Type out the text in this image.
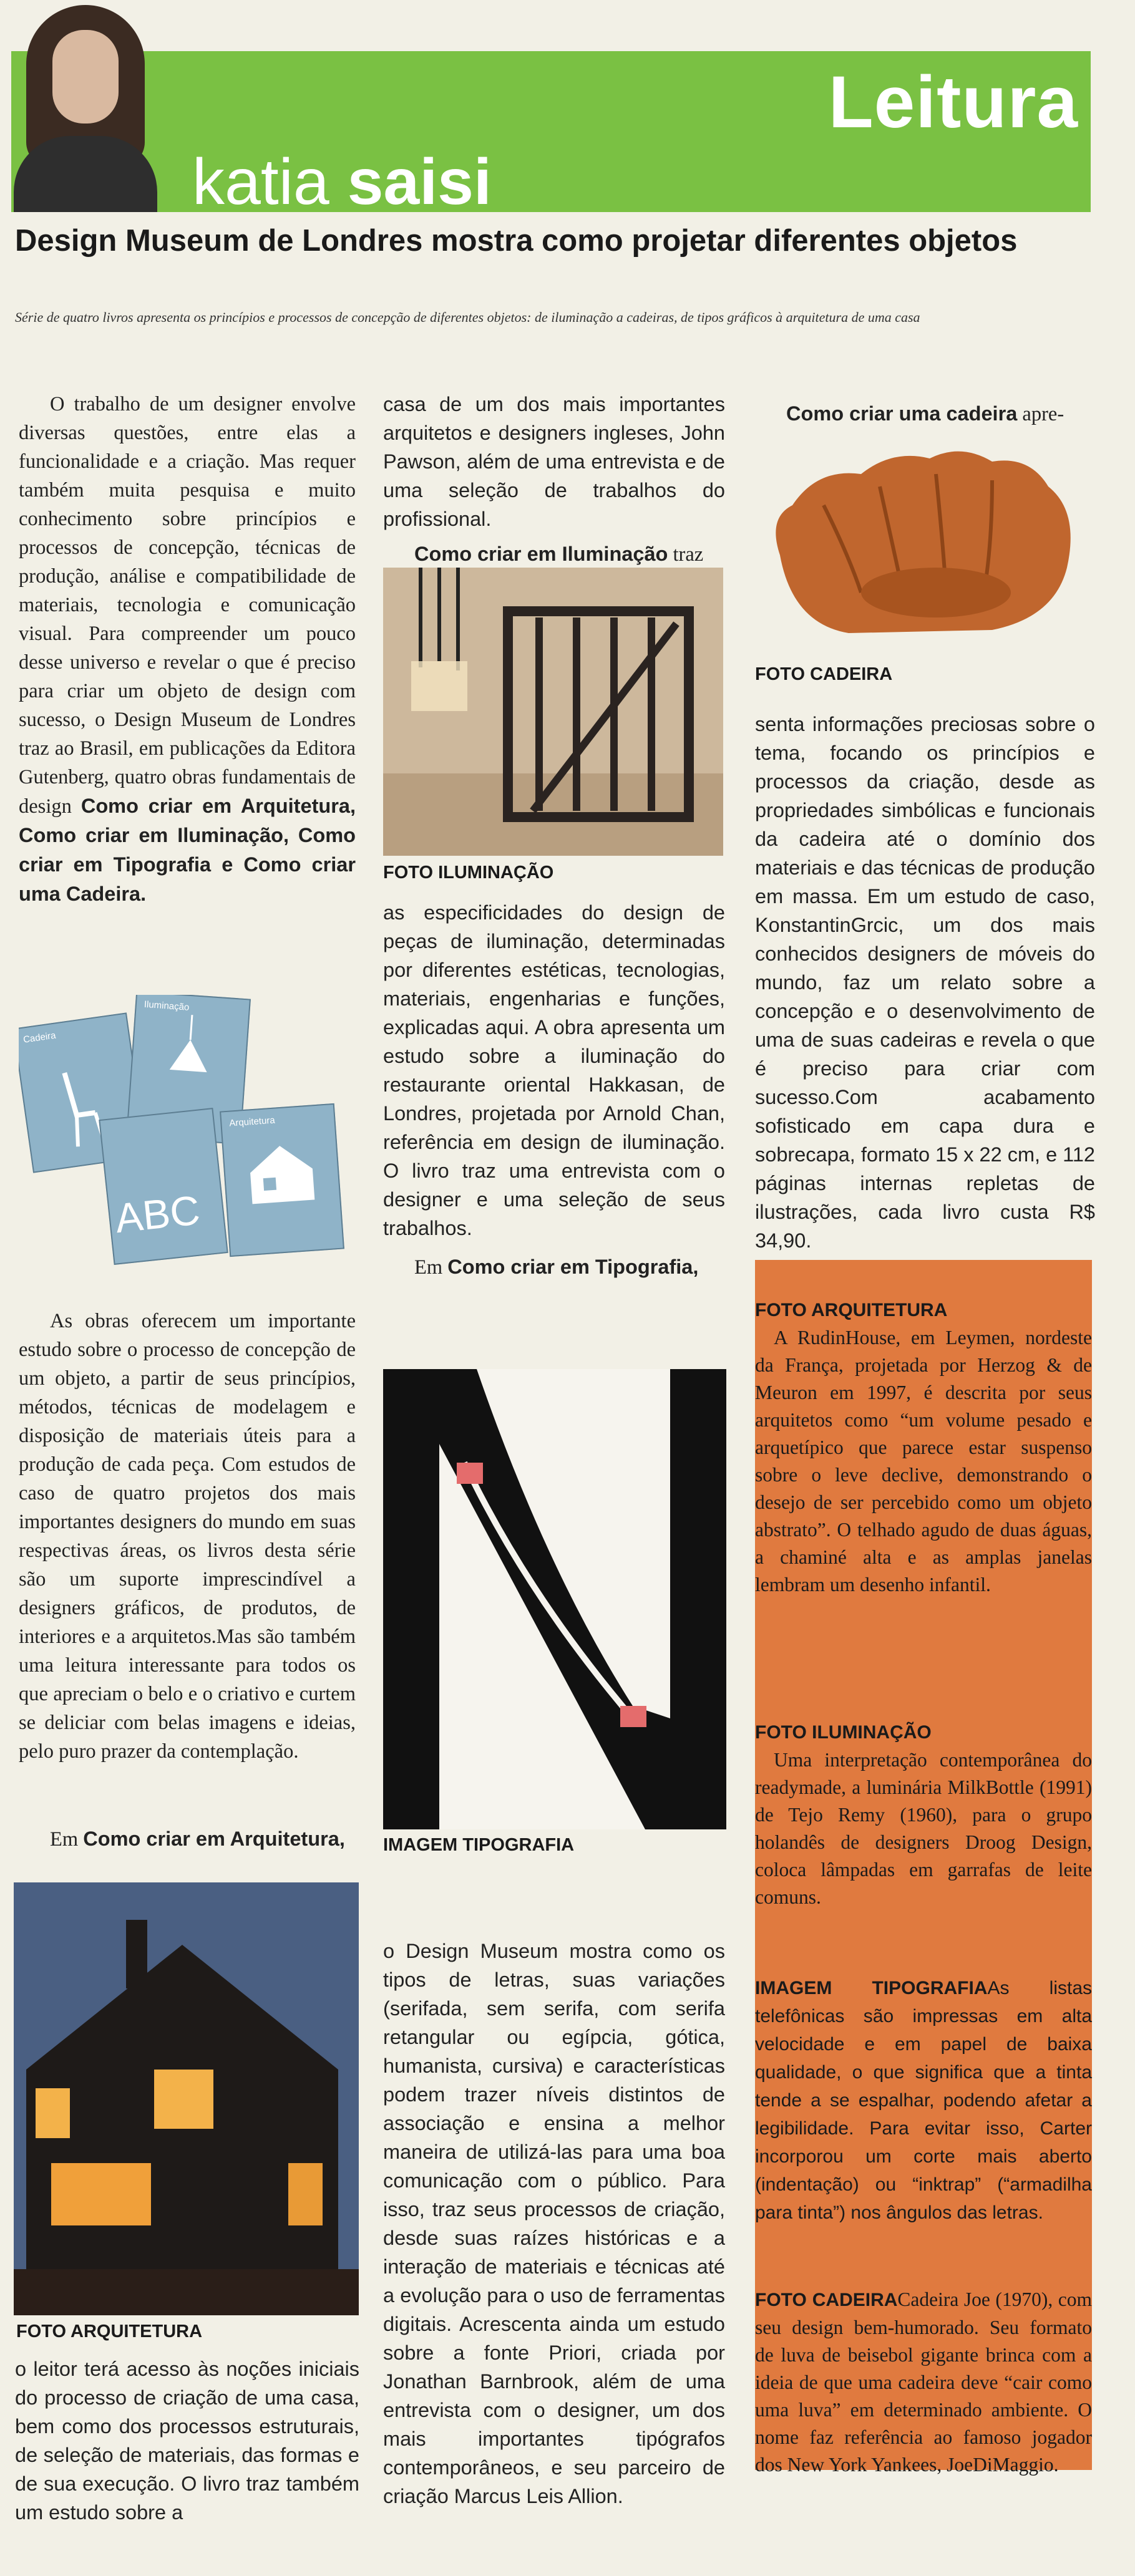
Leitura
katia saisi
Design Museum de Londres mostra como projetar diferentes objetos
Série de quatro livros apresenta os princípios e processos de concepção de diferentes objetos: de iluminação a cadeiras, de tipos gráficos à arquitetura de uma casa
O trabalho de um designer envolve diversas questões, entre elas a funcionalidade e a criação. Mas requer também muita pesquisa e muito conhecimento sobre princípios e processos de concepção, técnicas de produção, análise e compatibilidade de materiais, tecnologia e comunicação visual. Para compreender um pouco desse universo e revelar o que é preciso para criar um objeto de design com sucesso, o Design Museum de Londres traz ao Brasil, em publicações da Editora Gutenberg, quatro obras fundamentais de design Como criar em Arquitetura, Como criar em Iluminação, Como criar em Tipografia e Como criar uma Cadeira.
Cadeira
Iluminação
ABC
Arquitetura
As obras oferecem um importante estudo sobre o processo de concepção de um objeto, a partir de seus princípios, métodos, técnicas de modelagem e disposição de materiais úteis para a produção de cada peça. Com estudos de caso de quatro projetos dos mais importantes designers do mundo em suas respectivas áreas, os livros desta série são um suporte imprescindível a designers gráficos, de produtos, de interiores e a arquitetos.Mas são também uma leitura interessante para todos os que apreciam o belo e o criativo e curtem se deliciar com belas imagens e ideias, pelo puro prazer da contemplação.
Em Como criar em Arquitetura,
FOTO ARQUITETURA
o leitor terá acesso às noções iniciais do processo de criação de uma casa, bem como dos processos estruturais, de seleção de materiais, das formas e de sua execução. O livro traz também um estudo sobre a
casa de um dos mais importantes arquitetos e designers ingleses, John Pawson, além de uma entrevista e de uma seleção de trabalhos do profissional.
Como criar em Iluminação traz
FOTO ILUMINAÇÃO
as especificidades do design de peças de iluminação, determinadas por diferentes estéticas, tecnologias, materiais, engenharias e funções, explicadas aqui. A obra apresenta um estudo sobre a iluminação do restaurante oriental Hakkasan, de Londres, projetada por Arnold Chan, referência em design de iluminação. O livro traz uma entrevista com o designer e uma seleção de seus trabalhos.
Em Como criar em Tipografia,
IMAGEM TIPOGRAFIA
o Design Museum mostra como os tipos de letras, suas variações (serifada, sem serifa, com serifa retangular ou egípcia, gótica, humanista, cursiva) e características podem trazer níveis distintos de associação e ensina a melhor maneira de utilizá-las para uma boa comunicação com o público. Para isso, traz seus processos de criação, desde suas raízes históricas e a interação de materiais e técnicas até a evolução para o uso de ferramentas digitais. Acrescenta ainda um estudo sobre a fonte Priori, criada por Jonathan Barnbrook, além de uma entrevista com o designer, um dos mais importantes tipógrafos contemporâneos, e seu parceiro de criação Marcus Leis Allion.
Como criar uma cadeira apre-
FOTO CADEIRA
senta informações preciosas sobre o tema, focando os princípios e processos da criação, desde as propriedades simbólicas e funcionais da cadeira até o domínio dos materiais e das técnicas de produção em massa. Em um estudo de caso, KonstantinGrcic, um dos mais conhecidos designers de móveis do mundo, faz um relato sobre a concepção e o desenvolvimento de uma de suas cadeiras e revela o que é preciso para criar com sucesso.Com acabamento sofisticado em capa dura e sobrecapa, formato 15 x 22 cm, e 112 páginas internas repletas de ilustrações, cada livro custa R$ 34,90.
FOTO ARQUITETURA
A RudinHouse, em Leymen, nordeste da França, projetada por Herzog & de Meuron em 1997, é descrita por seus arquitetos como “um volume pesado e arquetípico que parece estar suspenso sobre o leve declive, demonstrando o desejo de ser percebido como um objeto abstrato”. O telhado agudo de duas águas, a chaminé alta e as amplas janelas lembram um desenho infantil.
FOTO ILUMINAÇÃO
Uma interpretação contemporânea do readymade, a luminária MilkBottle (1991) de Tejo Remy (1960), para o grupo holandês de designers Droog Design, coloca lâmpadas em garrafas de leite comuns.
IMAGEM TIPOGRAFIAAs listas telefônicas são impressas em alta velocidade e em papel de baixa qualidade, o que significa que a tinta tende a se espalhar, podendo afetar a legibilidade. Para evitar isso, Carter incorporou um corte mais aberto (indentação) ou “inktrap” (“armadilha para tinta”) nos ângulos das letras.
FOTO CADEIRACadeira Joe (1970), com seu design bem-humorado. Seu formato de luva de beisebol gigante brinca com a ideia de que uma cadeira deve “cair como uma luva” em determinado ambiente. O nome faz referência ao famoso jogador dos New York Yankees, JoeDiMaggio.
